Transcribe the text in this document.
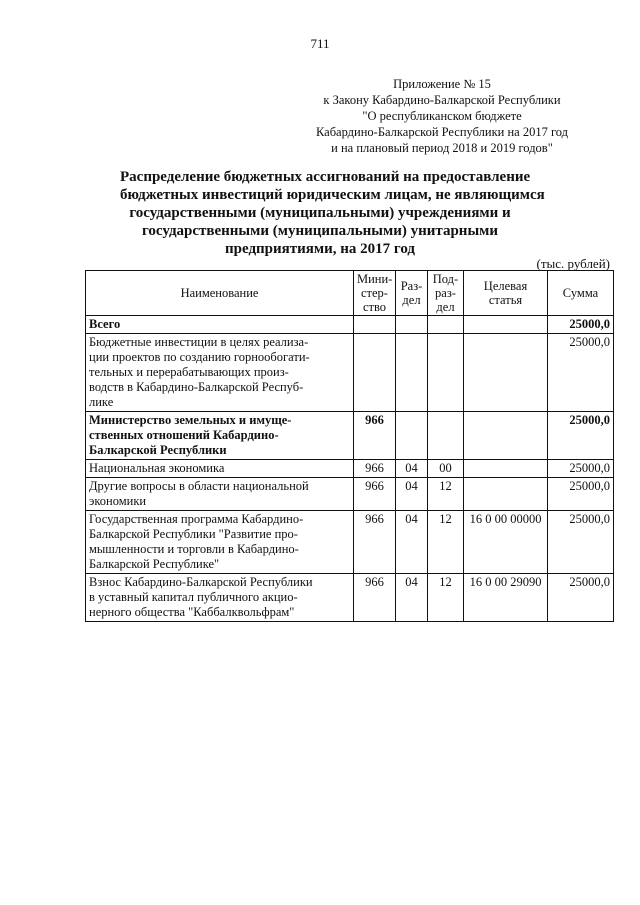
711
Приложение № 15
к Закону Кабардино-Балкарской Республики
"О республиканском бюджете
Кабардино-Балкарской Республики на 2017 год
и на плановый период 2018 и 2019 годов"
Распределение бюджетных ассигнований на предоставление
бюджетных инвестиций юридическим лицам, не являющимся
государственными (муниципальными) учреждениями и
государственными (муниципальными) унитарными
предприятиями, на 2017 год
(тыс. рублей)
Наименование	Мини-
стер-
ство	Раз-
дел	Под-
раз-
дел	Целевая
статья	Сумма
Всего					25000,0
Бюджетные инвестиции в целях реализа-
ции проектов по созданию горнообогати-
тельных и перерабатывающих произ-
водств в Кабардино-Балкарской Респуб-
лике					25000,0
Министерство земельных и имуще-
ственных отношений Кабардино-
Балкарской Республики	966				25000,0
Национальная экономика	966	04	00		25000,0
Другие вопросы в области национальной
экономики	966	04	12		25000,0
Государственная программа Кабардино-
Балкарской Республики "Развитие про-
мышленности и торговли в Кабардино-
Балкарской Республике"	966	04	12	16 0 00 00000	25000,0
Взнос Кабардино-Балкарской Республики
в уставный капитал публичного акцио-
нерного общества "Каббалквольфрам"	966	04	12	16 0 00 29090	25000,0
